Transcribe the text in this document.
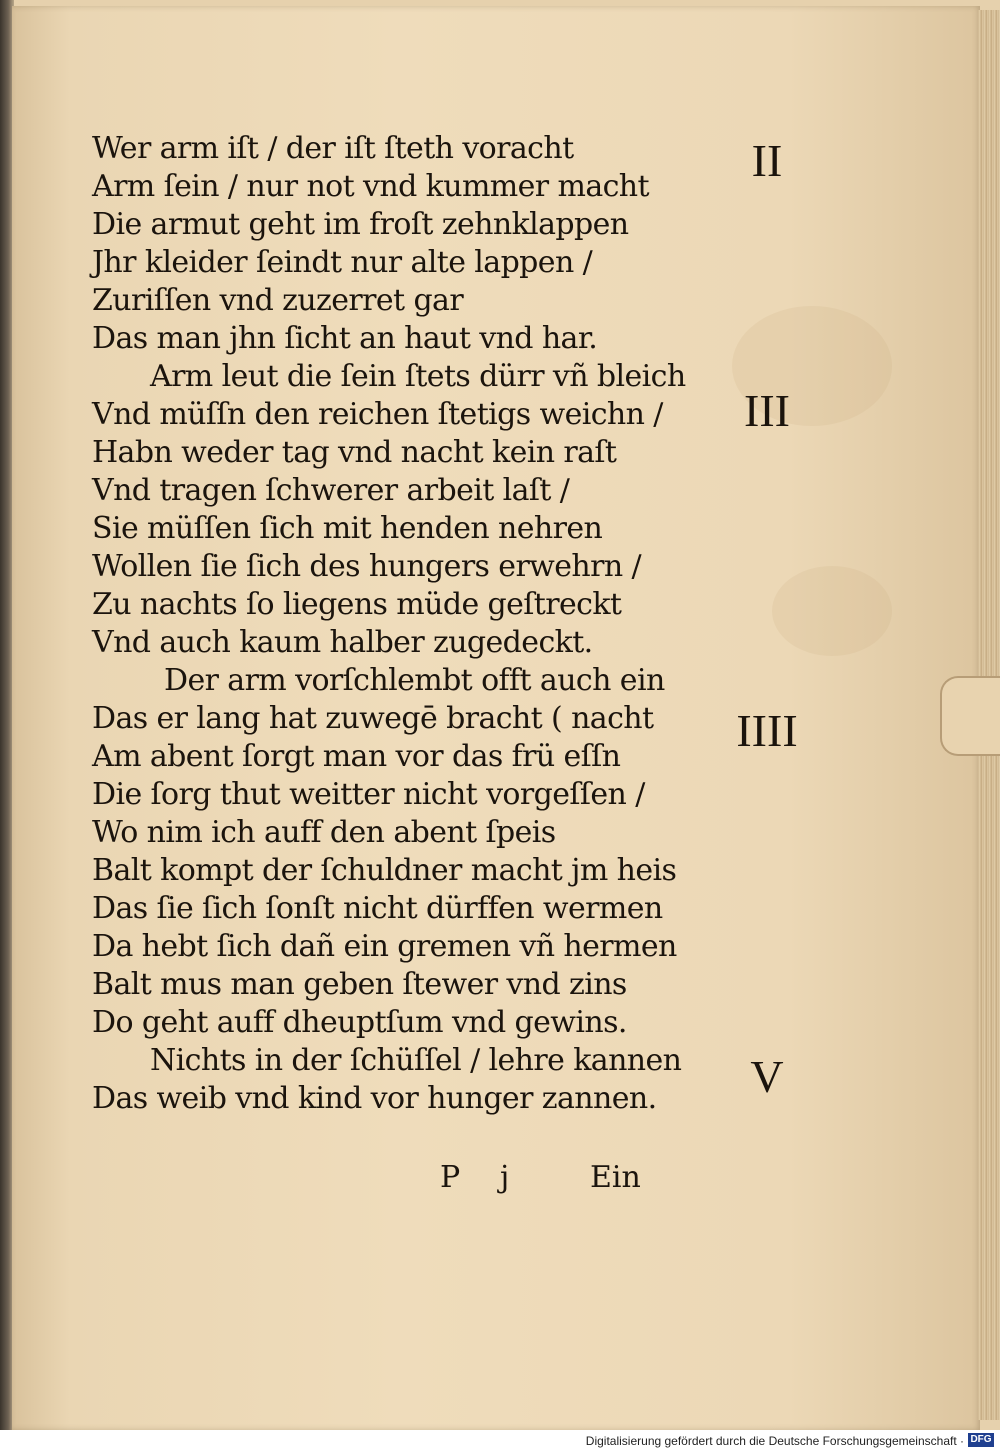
Wer arm iſt / der iſt ſteth voracht
Arm ſein / nur not vnd kummer macht
Die armut geht im froſt zehnklappen
Jhr kleider ſeindt nur alte lappen /
Zuriſſen vnd zuzerret gar
Das man jhn ſicht an haut vnd har.
Arm leut die ſein ſtets dürr vñ bleich
Vnd müſſn den reichen ſtetigs weichn /
Habn weder tag vnd nacht kein raſt
Vnd tragen ſchwerer arbeit laſt /
Sie müſſen ſich mit henden nehren
Wollen ſie ſich des hungers erwehrn /
Zu nachts ſo liegens müde geſtreckt
Vnd auch kaum halber zugedeckt.
Der arm vorſchlembt offt auch ein
Das er lang hat zuwegē bracht ( nacht
Am abent ſorgt man vor das frü eſſn
Die ſorg thut weitter nicht vorgeſſen /
Wo nim ich auff den abent ſpeis
Balt kompt der ſchuldner macht jm heis
Das ſie ſich ſonſt nicht dürffen wermen
Da hebt ſich dañ ein gremen vñ hermen
Balt mus man geben ſtewer vnd zins
Do geht auff dheuptſum vnd gewins.
Nichts in der ſchüſſel / lehre kannen
Das weib vnd kind vor hunger zannen.
II
III
IIII
V
P j	Ein
Digitalisierung gefördert durch die Deutsche Forschungsgemeinschaft · DFG
